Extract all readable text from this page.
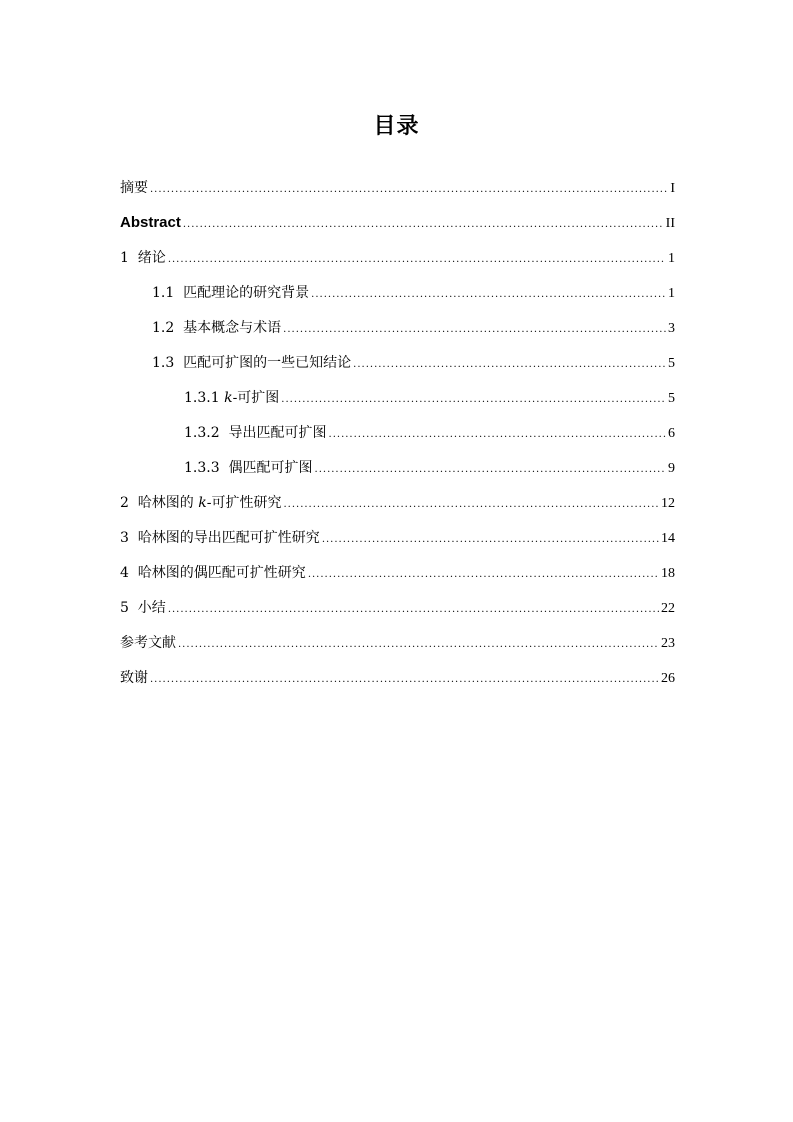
目录
摘要 .....	I
Abstract .....	II
1  绪论 .....	1
1.1  匹配理论的研究背景 .....	1
1.2  基本概念与术语 .....	3
1.3  匹配可扩图的一些已知结论 .....	5
1.3.1 k-可扩图 .....	5
1.3.2  导出匹配可扩图 .....	6
1.3.3  偶匹配可扩图 .....	9
2  哈林图的 k-可扩性研究 .....	12
3  哈林图的导出匹配可扩性研究 .....	14
4  哈林图的偶匹配可扩性研究 .....	18
5  小结 .....	22
参考文献 .....	23
致谢 .....	26
